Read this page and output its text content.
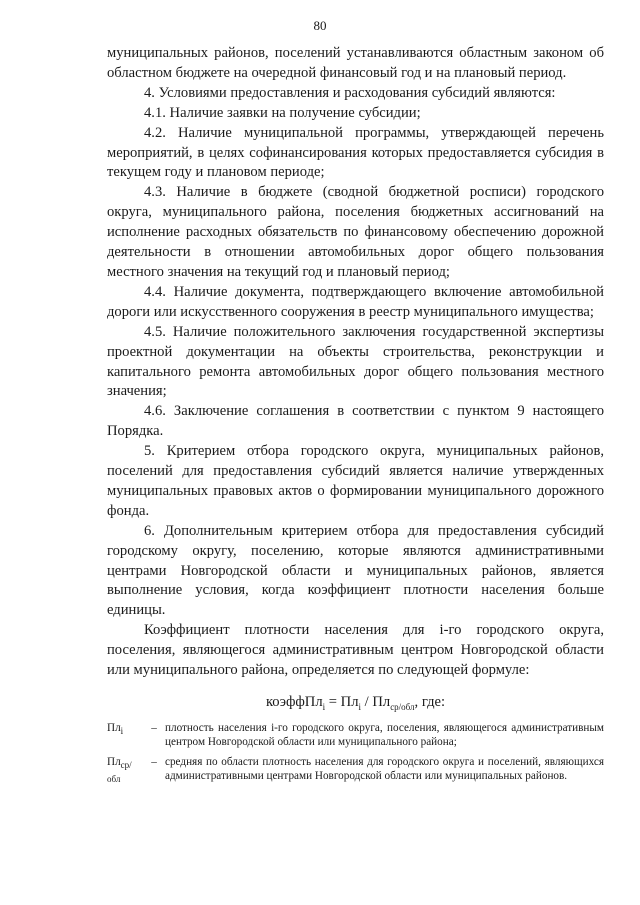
80

муниципальных районов, поселений устанавливаются областным законом об областном бюджете на очередной финансовый год и на плановый период.

4. Условиями предоставления и расходования субсидий являются:

4.1. Наличие заявки на получение субсидии;

4.2. Наличие муниципальной программы, утверждающей перечень мероприятий, в целях софинансирования которых предоставляется субсидия в текущем году и плановом периоде;

4.3. Наличие в бюджете (сводной бюджетной росписи) городского округа, муниципального района, поселения бюджетных ассигнований на исполнение расходных обязательств по финансовому обеспечению дорожной деятельности в отношении автомобильных дорог общего пользования местного значения на текущий год и плановый период;

4.4. Наличие документа, подтверждающего включение автомобильной дороги или искусственного сооружения в реестр муниципального имущества;

4.5. Наличие положительного заключения государственной экспертизы проектной документации на объекты строительства, реконструкции и капитального ремонта автомобильных дорог общего пользования местного значения;

4.6. Заключение соглашения в соответствии с пунктом 9 настоящего Порядка.

5. Критерием отбора городского округа, муниципальных районов, поселений для предоставления субсидий является наличие утвержденных муниципальных правовых актов о формировании муниципального дорожного фонда.

6. Дополнительным критерием отбора для предоставления субсидий городскому округу, поселению, которые являются административными центрами Новгородской области и муниципальных районов, является выполнение условия, когда коэффициент плотности населения больше единицы.

Коэффициент плотности населения для i-го городского округа, поселения, являющегося административным центром Новгородской области или муниципального района, определяется по следующей формуле:

коэффПл$_i$ = $Пл_i / Пл_{ср/обл}$, где:
$Пл_i$	– плотность населения i-го городского округа, поселения, являющегося административным центром Новгородской области или муниципального района;
$Пл_{ср/обл}$
– средняя по области плотность населения для городского округа и поселений, являющихся административными центрами Новгородской области или муниципальных районов.
